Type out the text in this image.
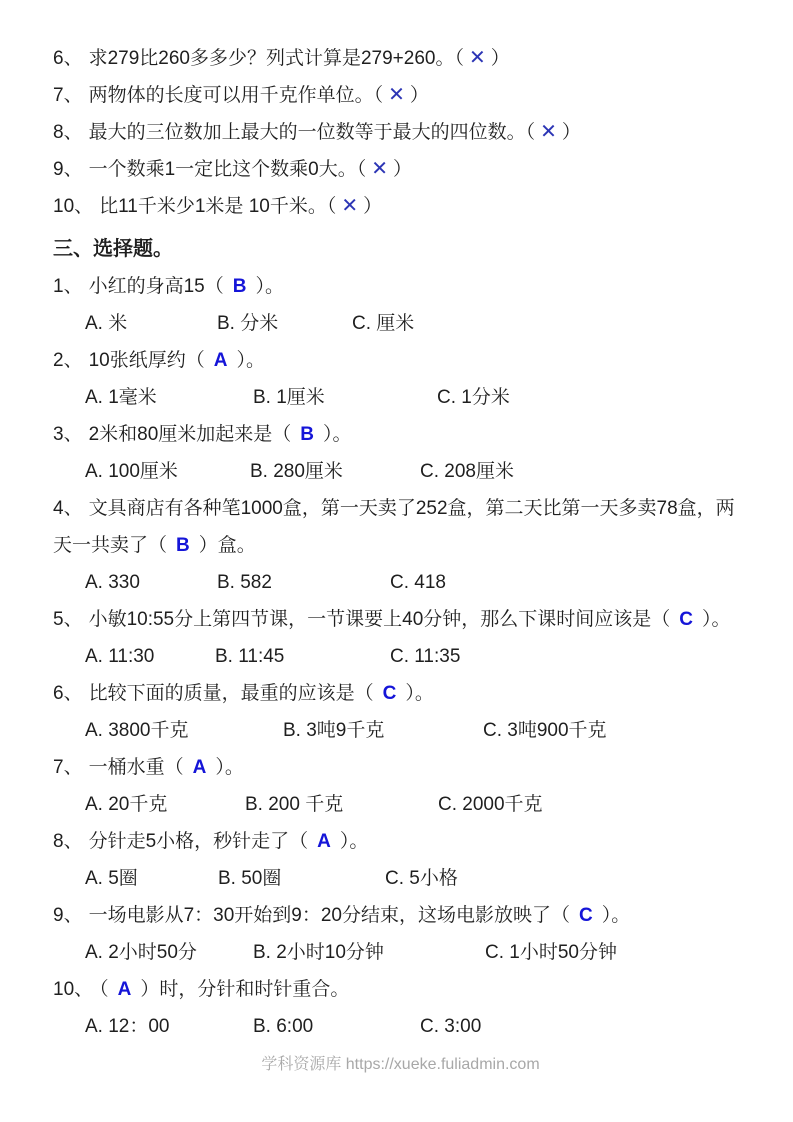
6、 求279比260多多少？列式计算是279+260。（ ✕ ）

7、 两物体的长度可以用千克作单位。（ ✕ ）

8、 最大的三位数加上最大的一位数等于最大的四位数。（ ✕ ）

9、 一个数乘1一定比这个数乘0大。（ ✕ ）

10、 比11千米少1米是 10千米。（ ✕ ）

三、选择题。

1、 小红的身高15（ B ）。

A. 米	B. 分米	C. 厘米

2、 10张纸厚约（ A ）。

A. 1毫米	B. 1厘米	C. 1分米

3、 2米和80厘米加起来是（ B ）。

A. 100厘米	B. 280厘米	C. 208厘米

4、 文具商店有各种笔1000盒，第一天卖了252盒，第二天比第一天多卖78盒，两天一共卖了（ B ）盒。

A. 330	B. 582	C. 418

5、 小敏10:55分上第四节课，一节课要上40分钟，那么下课时间应该是（ C ）。

A. 11:30	B. 11:45	C. 11:35

6、 比较下面的质量，最重的应该是（ C ）。

A. 3800千克	B. 3吨9千克	C. 3吨900千克

7、 一桶水重（ A ）。

A. 20千克	B. 200 千克	C. 2000千克

8、 分针走5小格，秒针走了（ A ）。

A. 5圈	B. 50圈	C. 5小格

9、 一场电影从7：30开始到9：20分结束，这场电影放映了（ C ）。

A. 2小时50分	B. 2小时10分钟	C. 1小时50分钟

10、 （ A ）时，分针和时针重合。

A. 12：00	B. 6:00	C. 3:00

学科资源库 https://xueke.fuliadmin.com
